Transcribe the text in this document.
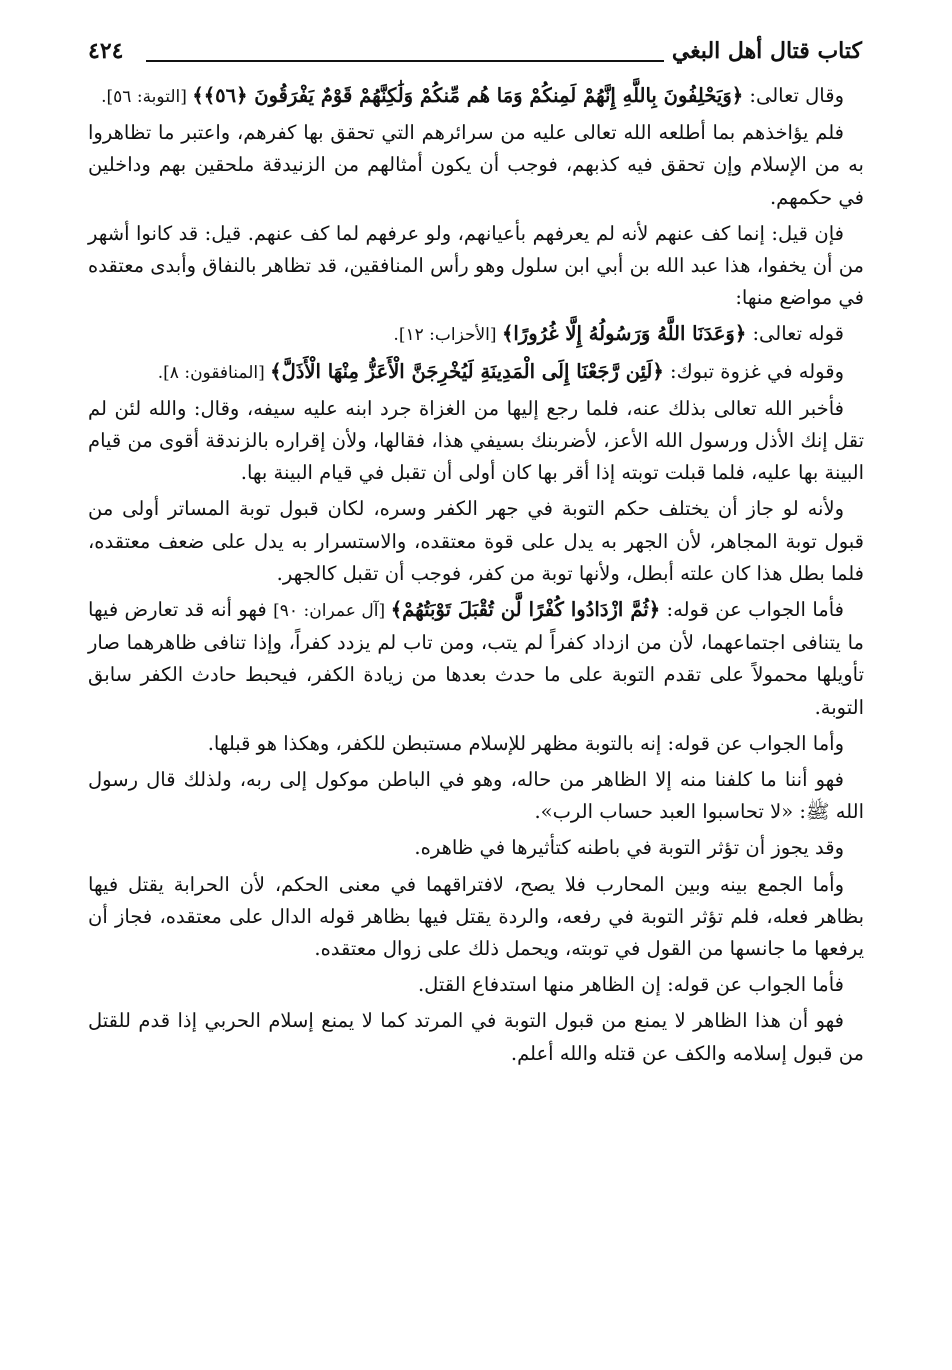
كتاب قتال أهل البغي
٤٢٤

وقال تعالى: ﴿وَيَحْلِفُونَ بِاللَّهِ إِنَّهُمْ لَمِنكُمْ وَمَا هُم مِّنكُمْ وَلَٰكِنَّهُمْ قَوْمٌ يَفْرَقُونَ ﴿٥٦﴾﴾ [التوبة: ٥٦].

فلم يؤاخذهم بما أطلعه الله تعالى عليه من سرائرهم التي تحقق بها كفرهم، واعتبر ما تظاهروا به من الإسلام وإن تحقق فيه كذبهم، فوجب أن يكون أمثالهم من الزنيدقة ملحقين بهم وداخلين في حكمهم.

فإن قيل: إنما كف عنهم لأنه لم يعرفهم بأعيانهم، ولو عرفهم لما كف عنهم. قيل: قد كانوا أشهر من أن يخفوا، هذا عبد الله بن أبي ابن سلول وهو رأس المنافقين، قد تظاهر بالنفاق وأبدى معتقده في مواضع منها:

قوله تعالى: ﴿وَعَدَنَا اللَّهُ وَرَسُولُهُ إِلَّا غُرُورًا﴾ [الأحزاب: ١٢].

وقوله في غزوة تبوك: ﴿لَئِن رَّجَعْنَا إِلَى الْمَدِينَةِ لَيُخْرِجَنَّ الْأَعَزُّ مِنْهَا الْأَذَلَّ﴾ [المنافقون: ٨].

فأخبر الله تعالى بذلك عنه، فلما رجع إليها من الغزاة جرد ابنه عليه سيفه، وقال: والله لئن لم تقل إنك الأذل ورسول الله الأعز، لأضربنك بسيفي هذا، فقالها، ولأن إقراره بالزندقة أقوى من قيام البينة بها عليه، فلما قبلت توبته إذا أقر بها كان أولى أن تقبل في قيام البينة بها.

ولأنه لو جاز أن يختلف حكم التوبة في جهر الكفر وسره، لكان قبول توبة المساتر أولى من قبول توبة المجاهر، لأن الجهر به يدل على قوة معتقده، والاستسرار به يدل على ضعف معتقده، فلما بطل هذا كان علته أبطل، ولأنها توبة من كفر، فوجب أن تقبل كالجهر.

فأما الجواب عن قوله: ﴿ثُمَّ ازْدَادُوا كُفْرًا لَّن تُقْبَلَ تَوْبَتُهُمْ﴾ [آل عمران: ٩٠] فهو أنه قد تعارض فيها ما يتنافى اجتماعهما، لأن من ازداد كفراً لم يتب، ومن تاب لم يزدد كفراً، وإذا تنافى ظاهرهما صار تأويلها محمولاً على تقدم التوبة على ما حدث بعدها من زيادة الكفر، فيحبط حادث الكفر سابق التوبة.

وأما الجواب عن قوله: إنه بالتوبة مظهر للإسلام مستبطن للكفر، وهكذا هو قبلها.

فهو أننا ما كلفنا منه إلا الظاهر من حاله، وهو في الباطن موكول إلى ربه، ولذلك قال رسول الله ﷺ: «لا تحاسبوا العبد حساب الرب».

وقد يجوز أن تؤثر التوبة في باطنه كتأثيرها في ظاهره.

وأما الجمع بينه وبين المحارب فلا يصح، لافتراقهما في معنى الحكم، لأن الحرابة يقتل فيها بظاهر فعله، فلم تؤثر التوبة في رفعه، والردة يقتل فيها بظاهر قوله الدال على معتقده، فجاز أن يرفعها ما جانسها من القول في توبته، ويحمل ذلك على زوال معتقده.

فأما الجواب عن قوله: إن الظاهر منها استدفاع القتل.

فهو أن هذا الظاهر لا يمنع من قبول التوبة في المرتد كما لا يمنع إسلام الحربي إذا قدم للقتل من قبول إسلامه والكف عن قتله والله أعلم.
